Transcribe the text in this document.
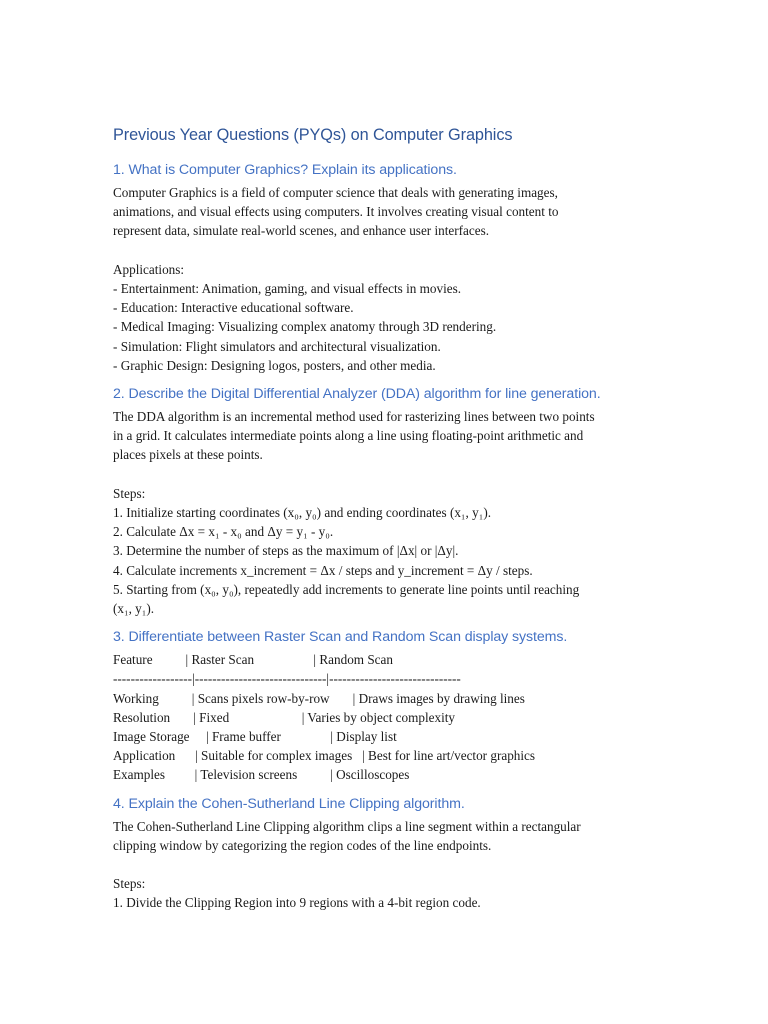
Previous Year Questions (PYQs) on Computer Graphics
1. What is Computer Graphics? Explain its applications.
Computer Graphics is a field of computer science that deals with generating images,
animations, and visual effects using computers. It involves creating visual content to
represent data, simulate real-world scenes, and enhance user interfaces.
Applications:
- Entertainment: Animation, gaming, and visual effects in movies.
- Education: Interactive educational software.
- Medical Imaging: Visualizing complex anatomy through 3D rendering.
- Simulation: Flight simulators and architectural visualization.
- Graphic Design: Designing logos, posters, and other media.
2. Describe the Digital Differential Analyzer (DDA) algorithm for line generation.
The DDA algorithm is an incremental method used for rasterizing lines between two points
in a grid. It calculates intermediate points along a line using floating-point arithmetic and
places pixels at these points.
Steps:
1. Initialize starting coordinates (x₀, y₀) and ending coordinates (x₁, y₁).
2. Calculate Δx = x₁ - x₀ and Δy = y₁ - y₀.
3. Determine the number of steps as the maximum of |Δx| or |Δy|.
4. Calculate increments x_increment = Δx / steps and y_increment = Δy / steps.
5. Starting from (x₀, y₀), repeatedly add increments to generate line points until reaching
(x₁, y₁).
3. Differentiate between Raster Scan and Random Scan display systems.
Feature          | Raster Scan                  | Random Scan
------------------|------------------------------|------------------------------
Working          | Scans pixels row-by-row       | Draws images by drawing lines
Resolution       | Fixed                      | Varies by object complexity
Image Storage     | Frame buffer               | Display list
Application      | Suitable for complex images   | Best for line art/vector graphics
Examples         | Television screens          | Oscilloscopes
4. Explain the Cohen-Sutherland Line Clipping algorithm.
The Cohen-Sutherland Line Clipping algorithm clips a line segment within a rectangular
clipping window by categorizing the region codes of the line endpoints.
Steps:
1. Divide the Clipping Region into 9 regions with a 4-bit region code.
